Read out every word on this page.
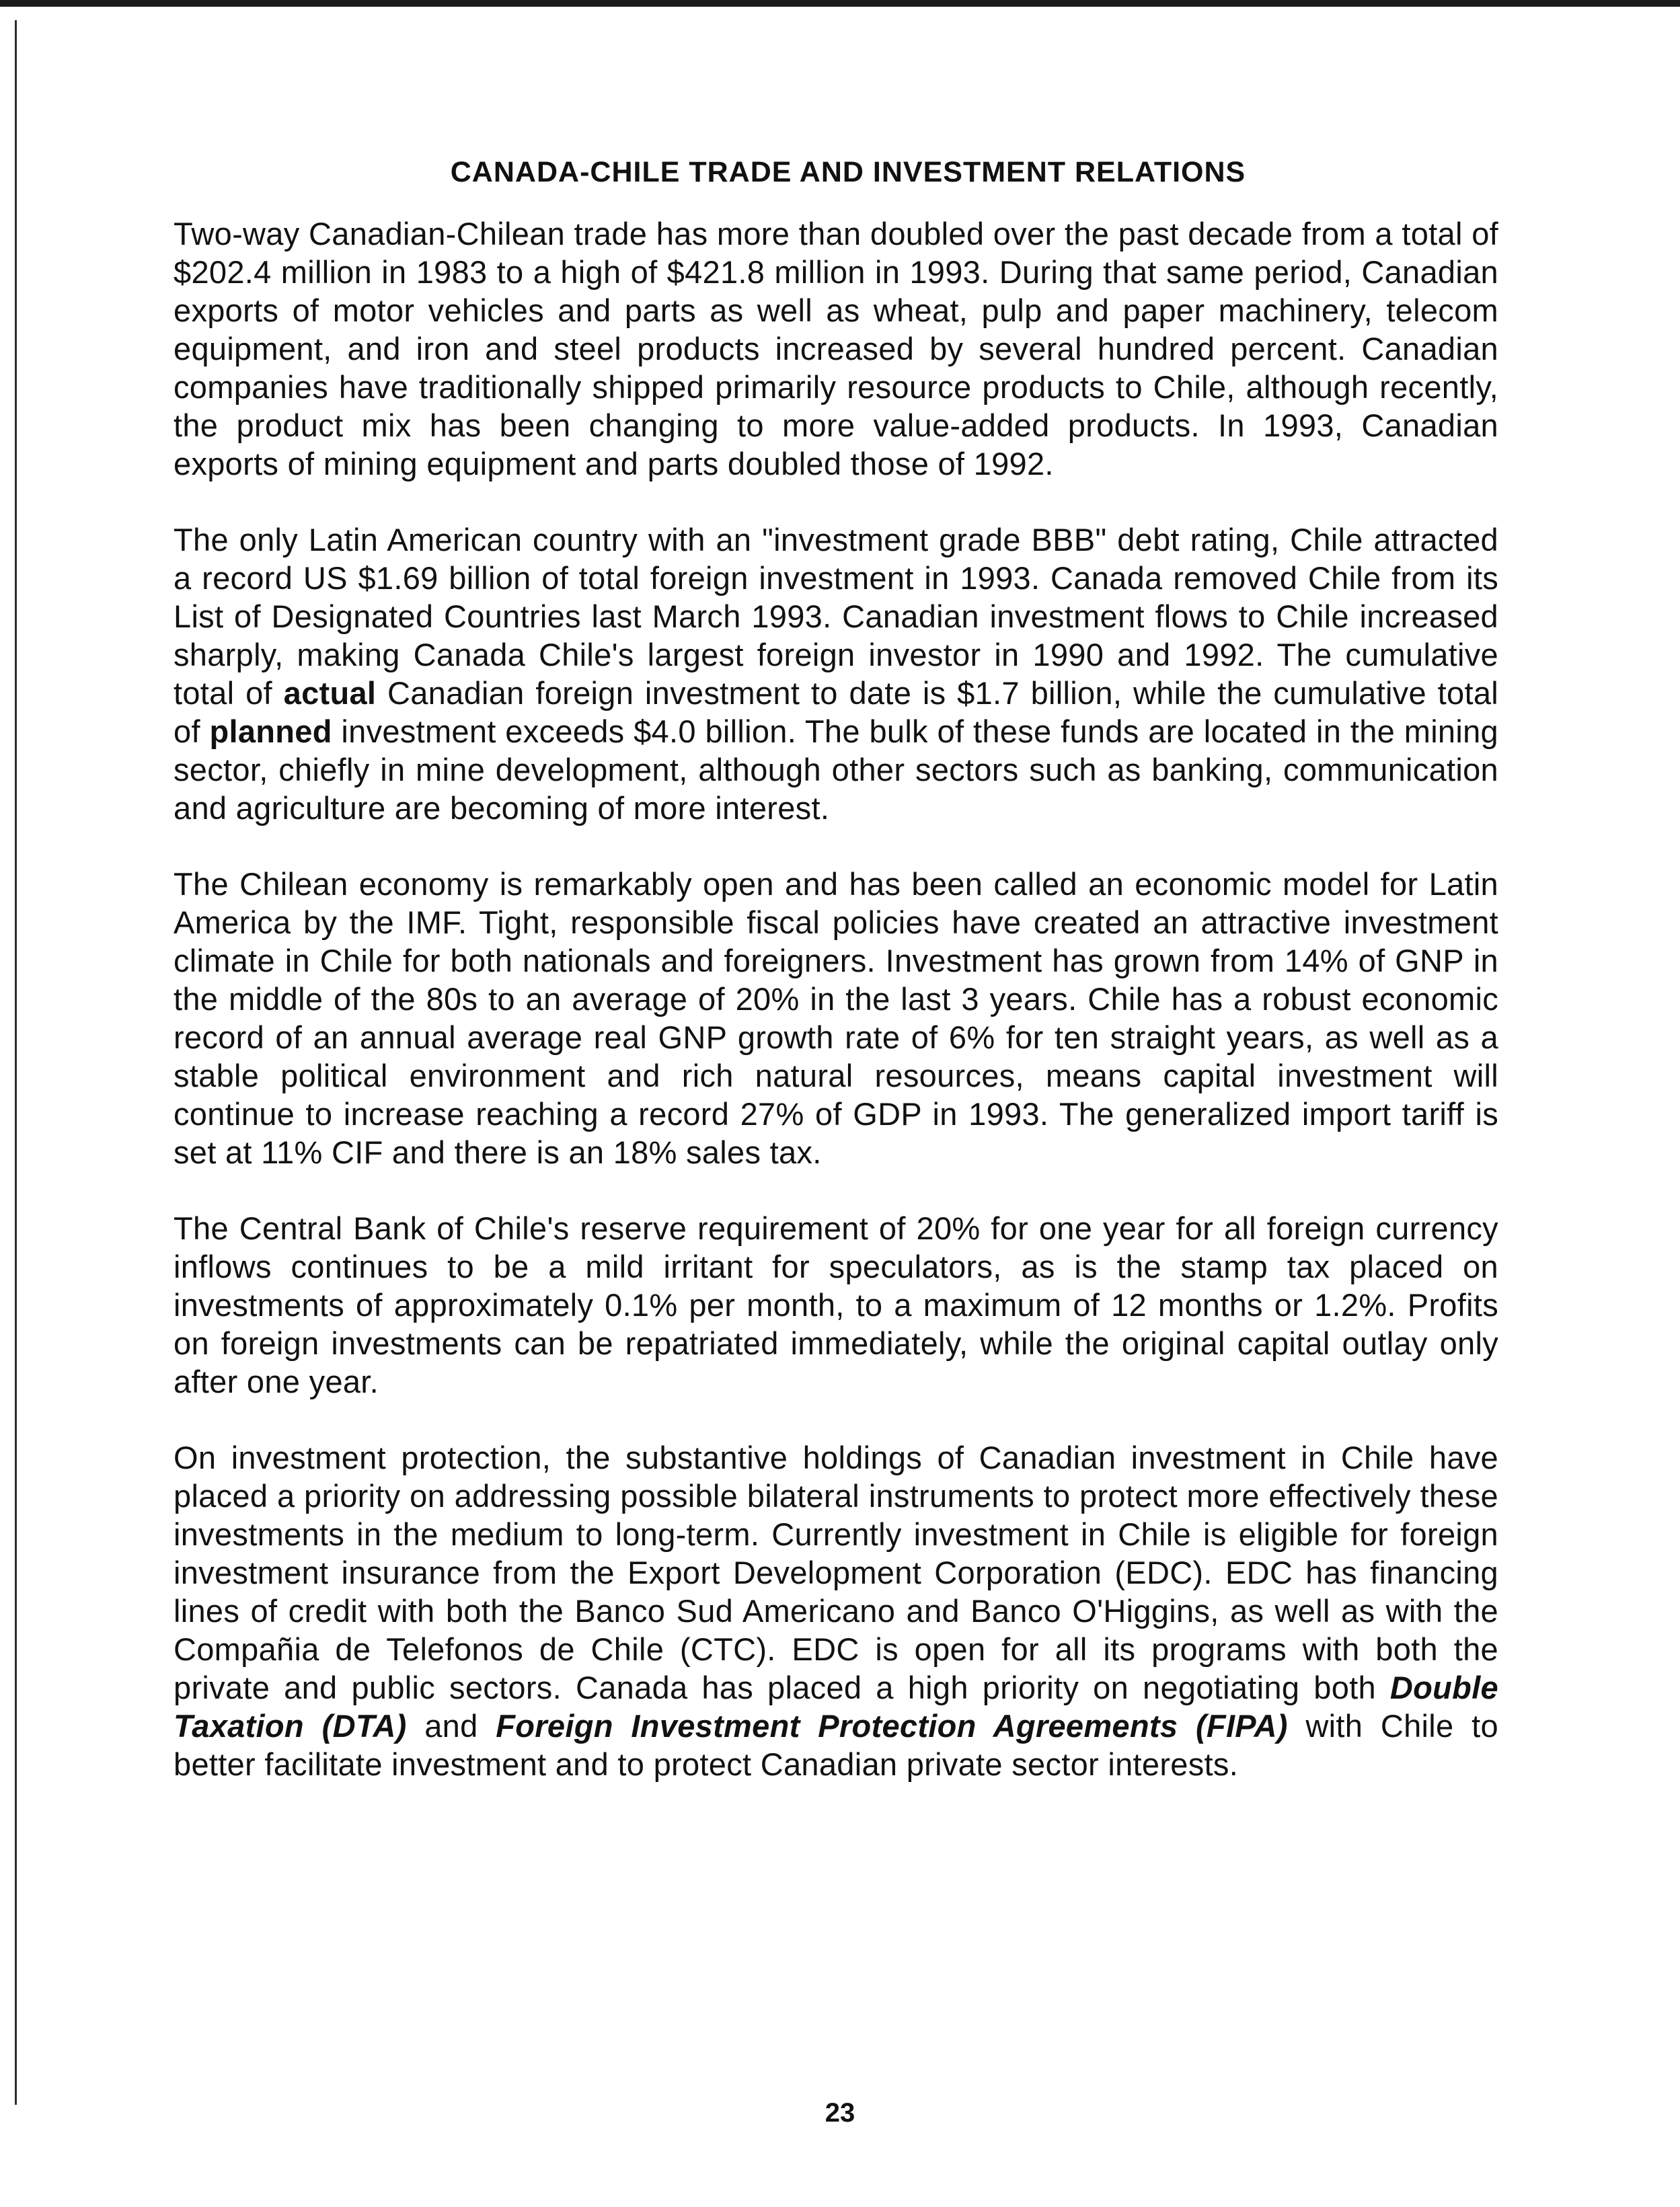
CANADA-CHILE TRADE AND INVESTMENT RELATIONS

Two-way Canadian-Chilean trade has more than doubled over the past decade from a total of $202.4 million in 1983 to a high of $421.8 million in 1993. During that same period, Canadian exports of motor vehicles and parts as well as wheat, pulp and paper machinery, telecom equipment, and iron and steel products increased by several hundred percent. Canadian companies have traditionally shipped primarily resource products to Chile, although recently, the product mix has been changing to more value-added products. In 1993, Canadian exports of mining equipment and parts doubled those of 1992.

The only Latin American country with an "investment grade BBB" debt rating, Chile attracted a record US $1.69 billion of total foreign investment in 1993. Canada removed Chile from its List of Designated Countries last March 1993. Canadian investment flows to Chile increased sharply, making Canada Chile's largest foreign investor in 1990 and 1992. The cumulative total of actual Canadian foreign investment to date is $1.7 billion, while the cumulative total of planned investment exceeds $4.0 billion. The bulk of these funds are located in the mining sector, chiefly in mine development, although other sectors such as banking, communication and agriculture are becoming of more interest.

The Chilean economy is remarkably open and has been called an economic model for Latin America by the IMF. Tight, responsible fiscal policies have created an attractive investment climate in Chile for both nationals and foreigners. Investment has grown from 14% of GNP in the middle of the 80s to an average of 20% in the last 3 years. Chile has a robust economic record of an annual average real GNP growth rate of 6% for ten straight years, as well as a stable political environment and rich natural resources, means capital investment will continue to increase reaching a record 27% of GDP in 1993. The generalized import tariff is set at 11% CIF and there is an 18% sales tax.

The Central Bank of Chile's reserve requirement of 20% for one year for all foreign currency inflows continues to be a mild irritant for speculators, as is the stamp tax placed on investments of approximately 0.1% per month, to a maximum of 12 months or 1.2%. Profits on foreign investments can be repatriated immediately, while the original capital outlay only after one year.

On investment protection, the substantive holdings of Canadian investment in Chile have placed a priority on addressing possible bilateral instruments to protect more effectively these investments in the medium to long-term. Currently investment in Chile is eligible for foreign investment insurance from the Export Development Corporation (EDC). EDC has financing lines of credit with both the Banco Sud Americano and Banco O'Higgins, as well as with the Compañia de Telefonos de Chile (CTC). EDC is open for all its programs with both the private and public sectors. Canada has placed a high priority on negotiating both Double Taxation (DTA) and Foreign Investment Protection Agreements (FIPA) with Chile to better facilitate investment and to protect Canadian private sector interests.

23
